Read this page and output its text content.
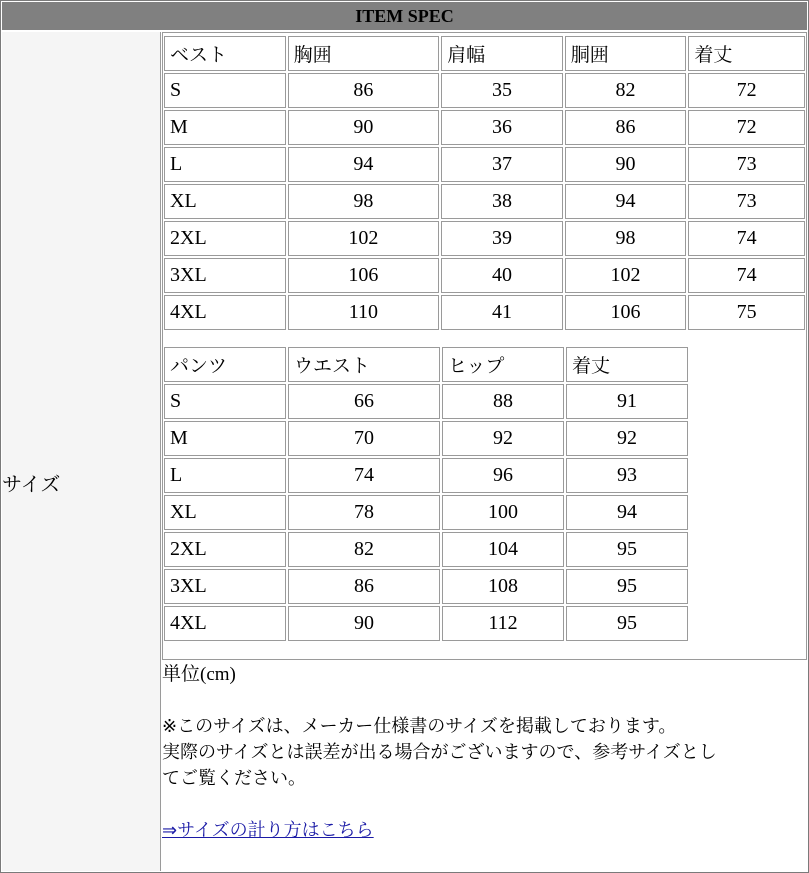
ITEM SPEC
サイズ
ベスト	胸囲	肩幅	胴囲	着丈
S	86	35	82	72
M	90	36	86	72
L	94	37	90	73
XL	98	38	94	73
2XL	102	39	98	74
3XL	106	40	102	74
4XL	110	41	106	75
パンツ	ウエスト	ヒップ	着丈
S	66	88	91
M	70	92	92
L	74	96	93
XL	78	100	94
2XL	82	104	95
3XL	86	108	95
4XL	90	112	95
単位(cm)
※このサイズは、メーカー仕様書のサイズを掲載しております。
実際のサイズとは誤差が出る場合がございますので、参考サイズとし
てご覧ください。
⇒サイズの計り方はこちら
